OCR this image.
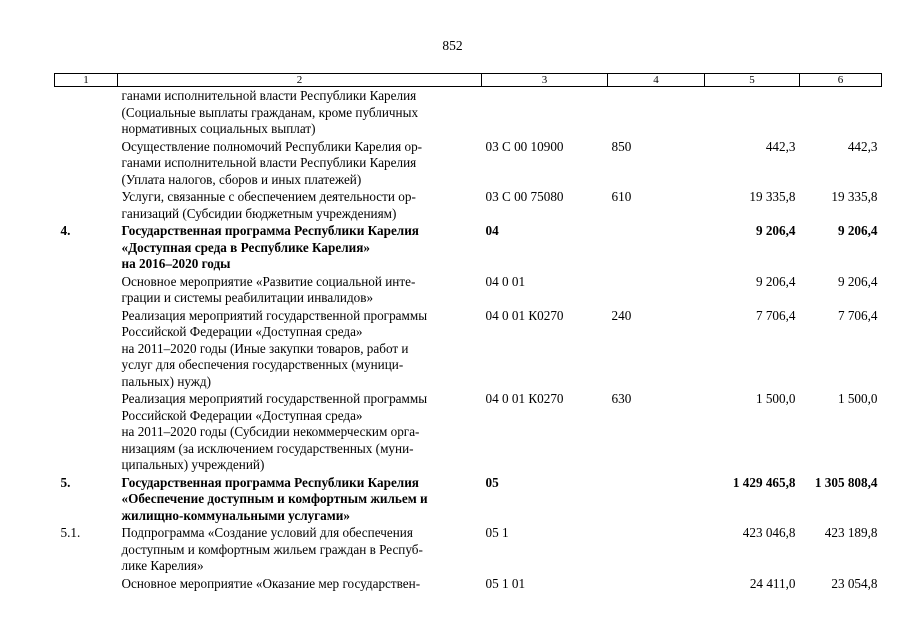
852
1	2	3	4	5	6

	ганами исполнительной власти Республики Карелия
(Социальные выплаты гражданам, кроме публичных
нормативных социальных выплат)				

	Осуществление полномочий Республики Карелия ор-
ганами исполнительной власти Республики Карелия
(Уплата налогов, сборов и иных платежей)	03 С 00 10900	850	442,3	442,3

	Услуги, связанные с обеспечением деятельности ор-
ганизаций (Субсидии бюджетным учреждениям)	03 С 00 75080	610	19 335,8	19 335,8
4.	Государственная программа Республики Карелия
«Доступная среда в Республике Карелия»
на 2016–2020 годы	04		9 206,4	9 206,4

	Основное мероприятие «Развитие социальной инте-
грации и системы реабилитации инвалидов»	04 0 01		9 206,4	9 206,4

	Реализация мероприятий государственной программы
Российской Федерации «Доступная среда»
на 2011–2020 годы (Иные закупки товаров, работ и
услуг для обеспечения государственных (муници-
пальных) нужд)	04 0 01 К0270	240	7 706,4	7 706,4

	Реализация мероприятий государственной программы
Российской Федерации «Доступная среда»
на 2011–2020 годы (Субсидии некоммерческим орга-
низациям (за исключением государственных (муни-
ципальных) учреждений)	04 0 01 К0270	630	1 500,0	1 500,0
5.	Государственная программа Республики Карелия
«Обеспечение доступным и комфортным жильем и
жилищно-коммунальными услугами»	05		1 429 465,8	1 305 808,4
5.1.	Подпрограмма «Создание условий для обеспечения
доступным и комфортным жильем граждан в Респуб-
лике Карелия»	05 1		423 046,8	423 189,8

	Основное мероприятие «Оказание мер государствен-	05 1 01		24 411,0	23 054,8
